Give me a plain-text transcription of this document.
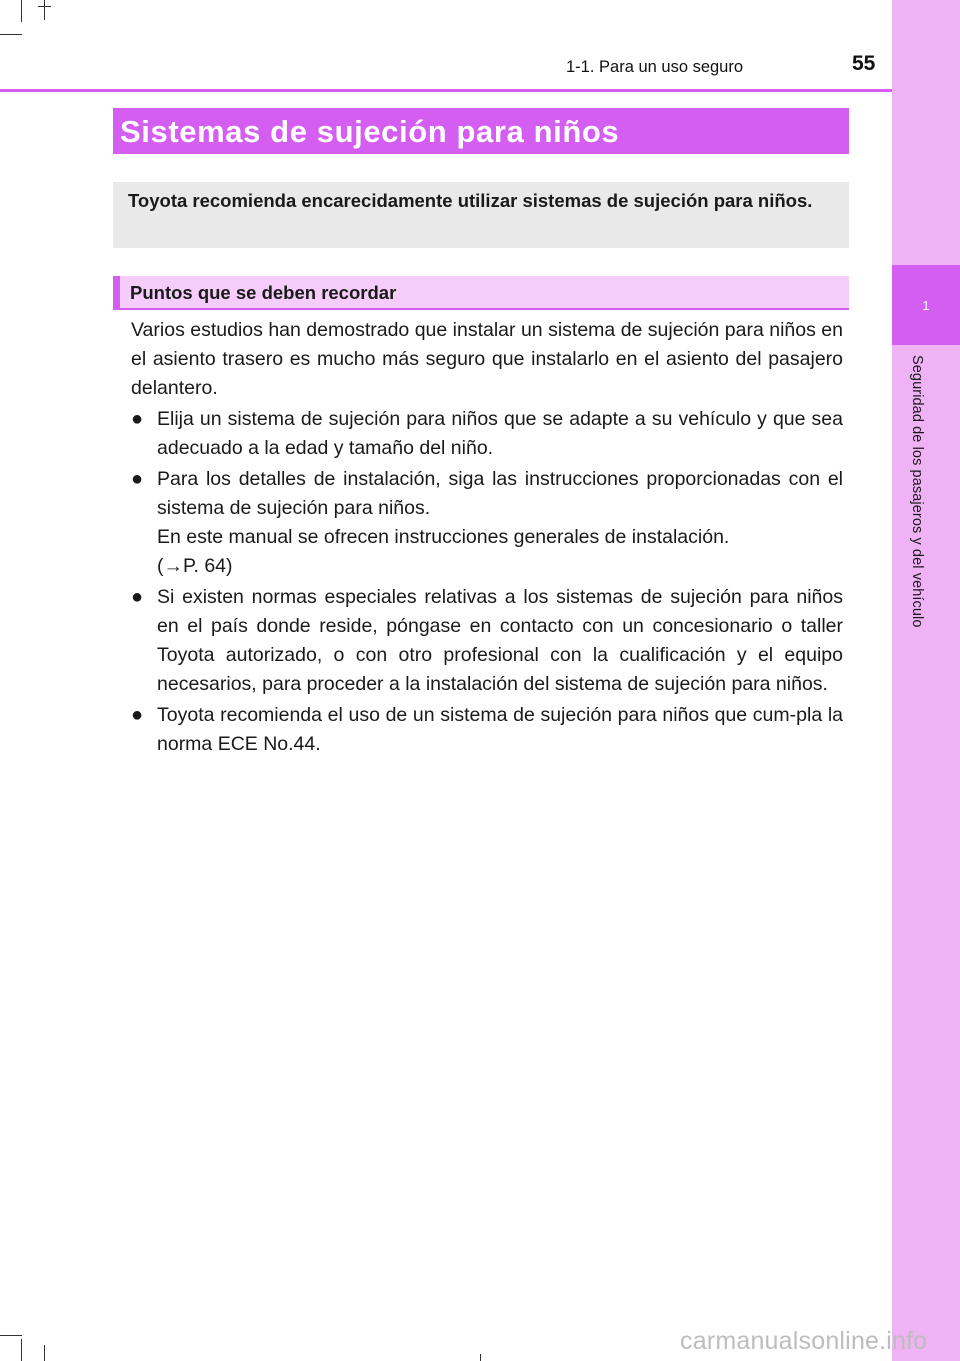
1
Seguridad de los pasajeros y del vehículo
1-1. Para un uso seguro	55
Sistemas de sujeción para niños
Toyota recomienda encarecidamente utilizar sistemas de sujeción para niños.
Puntos que se deben recordar

Varios estudios han demostrado que instalar un sistema de sujeción para niños en el asiento trasero es mucho más seguro que instalarlo en el asiento del pasajero delantero.

● Elija un sistema de sujeción para niños que se adapte a su vehículo y que sea adecuado a la edad y tamaño del niño.

● Para los detalles de instalación, siga las instrucciones proporcionadas con el sistema de sujeción para niños.

En este manual se ofrecen instrucciones generales de instalación.

(→P. 64)

● Si existen normas especiales relativas a los sistemas de sujeción para niños en el país donde reside, póngase en contacto con un concesionario o taller Toyota autorizado, o con otro profesional con la cualificación y el equipo necesarios, para proceder a la instalación del sistema de sujeción para niños.

● Toyota recomienda el uso de un sistema de sujeción para niños que cum-pla la norma ECE No.44.

carmanualsonline.info
